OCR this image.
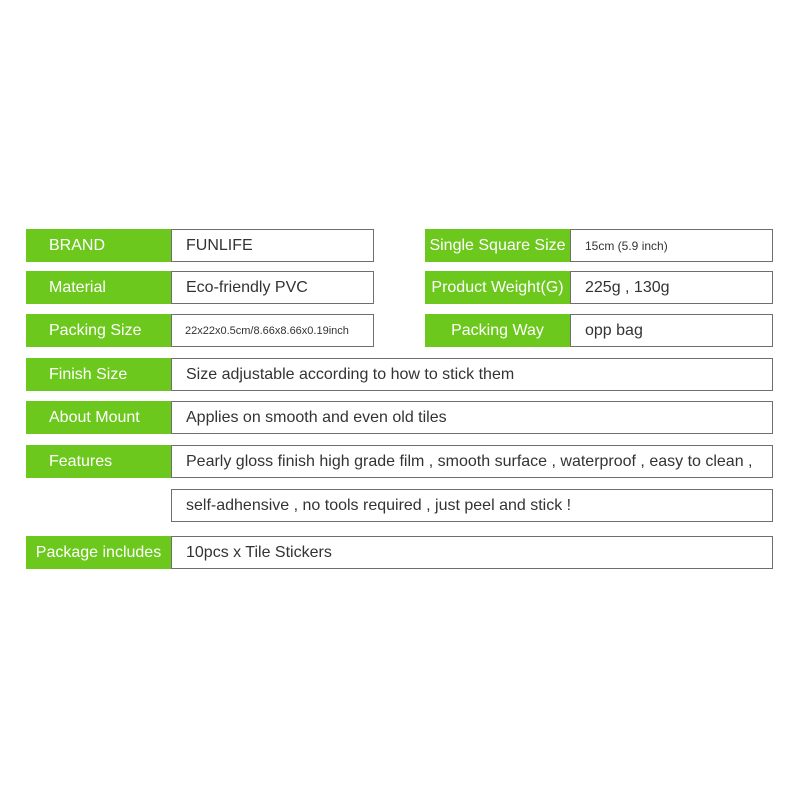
BRAND	FUNLIFE	Single Square Size	15cm (5.9 inch)
Material	Eco-friendly PVC	Product Weight(G)	225g , 130g
Packing Size	22x22x0.5cm/8.66x8.66x0.19inch	Packing Way	opp bag
Finish Size	Size adjustable according to how to stick them
About Mount	Applies on smooth and even old tiles
Features	Pearly gloss finish high grade film , smooth surface , waterproof , easy to clean ,
self-adhensive , no tools required , just peel and stick !
Package includes	10pcs x Tile Stickers
